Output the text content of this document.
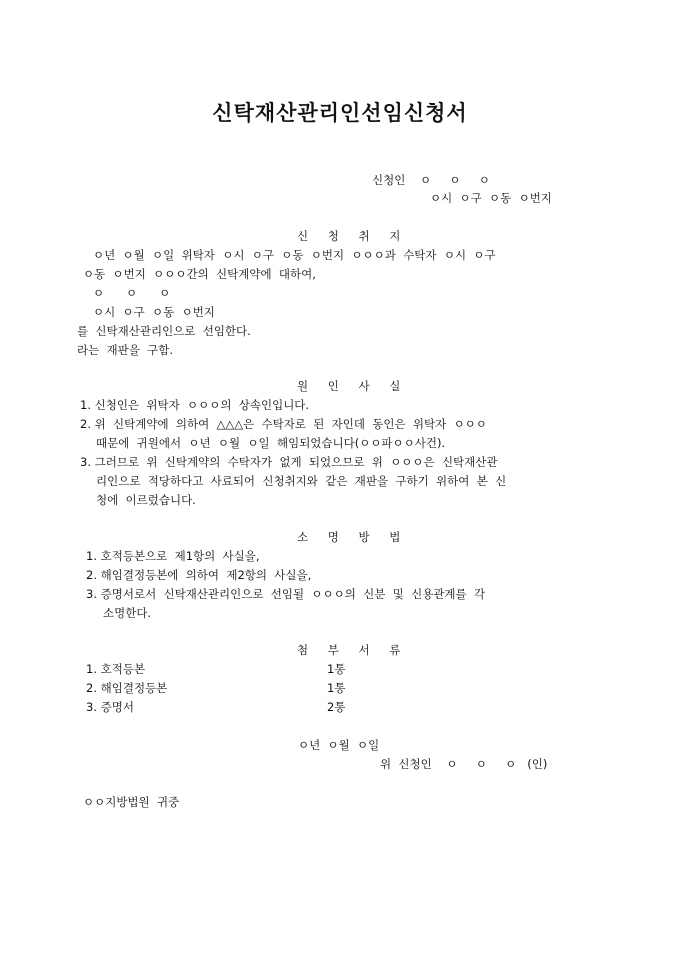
신탁재산관리인선임신청서
신청인    ㅇ     ㅇ     ㅇ
ㅇ시  ㅇ구  ㅇ동  ㅇ번지
신    청    취    지
ㅇ년  ㅇ월  ㅇ일  위탁자  ㅇ시  ㅇ구  ㅇ동  ㅇ번지  ㅇㅇㅇ과  수탁자  ㅇ시  ㅇ구
ㅇ동  ㅇ번지  ㅇㅇㅇ간의  신탁계약에  대하여,
ㅇ      ㅇ      ㅇ
ㅇ시  ㅇ구  ㅇ동  ㅇ번지
를  신탁재산관리인으로  선임한다.
라는  재판을  구함.
원    인    사    실
1. 신청인은  위탁자  ㅇㅇㅇ의  상속인입니다.
2. 위  신탁계약에  의하여  △△△은  수탁자로  된  자인데  동인은  위탁자  ㅇㅇㅇ
때문에  귀원에서  ㅇ년  ㅇ월  ㅇ일  해임되었습니다(ㅇㅇ파ㅇㅇ사건).
3. 그러므로  위  신탁계약의  수탁자가  없게  되었으므로  위  ㅇㅇㅇ은  신탁재산관
리인으로  적당하다고  사료되어  신청취지와  같은  재판을  구하기  위하여  본  신
청에  이르렀습니다.
소    명    방    법
1. 호적등본으로  제1항의  사실을,
2. 해임결정등본에  의하여  제2항의  사실을,
3. 증명서로서  신탁재산관리인으로  선임될  ㅇㅇㅇ의  신분  및  신용관계를  각
소명한다.
첨    부    서    류
1. 호적등본	1통
2. 해임결정등본	1통
3. 증명서	2통
ㅇ년  ㅇ월  ㅇ일
위  신청인    ㅇ     ㅇ     ㅇ   (인)
ㅇㅇ지방법원  귀중
